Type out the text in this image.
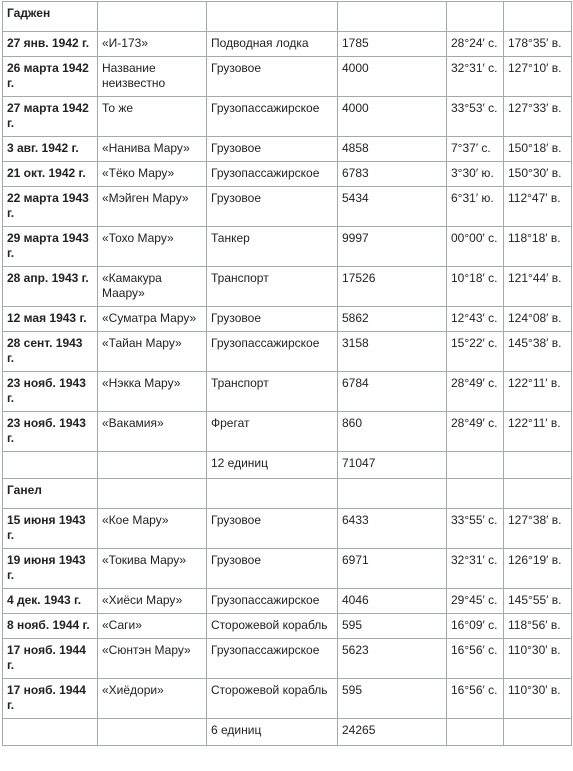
Гаджен					
27 янв. 1942 г.	«И-173»	Подводная лодка	1785	28°24′ с.	178°35′ в.
26 марта 1942 г.	Название неизвестно	Грузовое	4000	32°31′ с.	127°10′ в.
27 марта 1942 г.	То же	Грузопассажирское	4000	33°53′ с.	127°33′ в.
3 авг. 1942 г.	«Нанива Мару»	Грузовое	4858	7°37′ с.	150°18′ в.
21 окт. 1942 г.	«Тёко Мару»	Грузопассажирское	6783	3°30′ ю.	150°30′ в.
22 марта 1943 г.	«Мэйген Мару»	Грузовое	5434	6°31′ ю.	112°47′ в.
29 марта 1943 г.	«Тохо Мару»	Танкер	9997	00°00′ с.	118°18′ в.
28 апр. 1943 г.	«Камакура Маару»	Транспорт	17526	10°18′ с.	121°44′ в.
12 мая 1943 г.	«Суматра Мару»	Грузовое	5862	12°43′ с.	124°08′ в.
28 сент. 1943 г.	«Тайан Мару»	Грузопассажирское	3158	15°22′ с.	145°38′ в.
23 нояб. 1943 г.	«Нэкка Мару»	Транспорт	6784	28°49′ с.	122°11′ в.
23 нояб. 1943 г.	«Вакамия»	Фрегат	860	28°49′ с.	122°11′ в.
		12 единиц	71047		
Ганел					
15 июня 1943 г.	«Кое Мару»	Грузовое	6433	33°55′ с.	127°38′ в.
19 июня 1943 г.	«Токива Мару»	Грузовое	6971	32°31′ с.	126°19′ в.
4 дек. 1943 г.	«Хиёси Мару»	Грузопассажирское	4046	29°45′ с.	145°55′ в.
8 нояб. 1944 г.	«Саги»	Сторожевой корабль	595	16°09′ с.	118°56′ в.
17 нояб. 1944 г.	«Сюнтэн Мару»	Грузопассажирское	5623	16°56′ с.	110°30′ в.
17 нояб. 1944 г.	«Хиёдори»	Сторожевой корабль	595	16°56′ с.	110°30′ в.
		6 единиц	24265		
